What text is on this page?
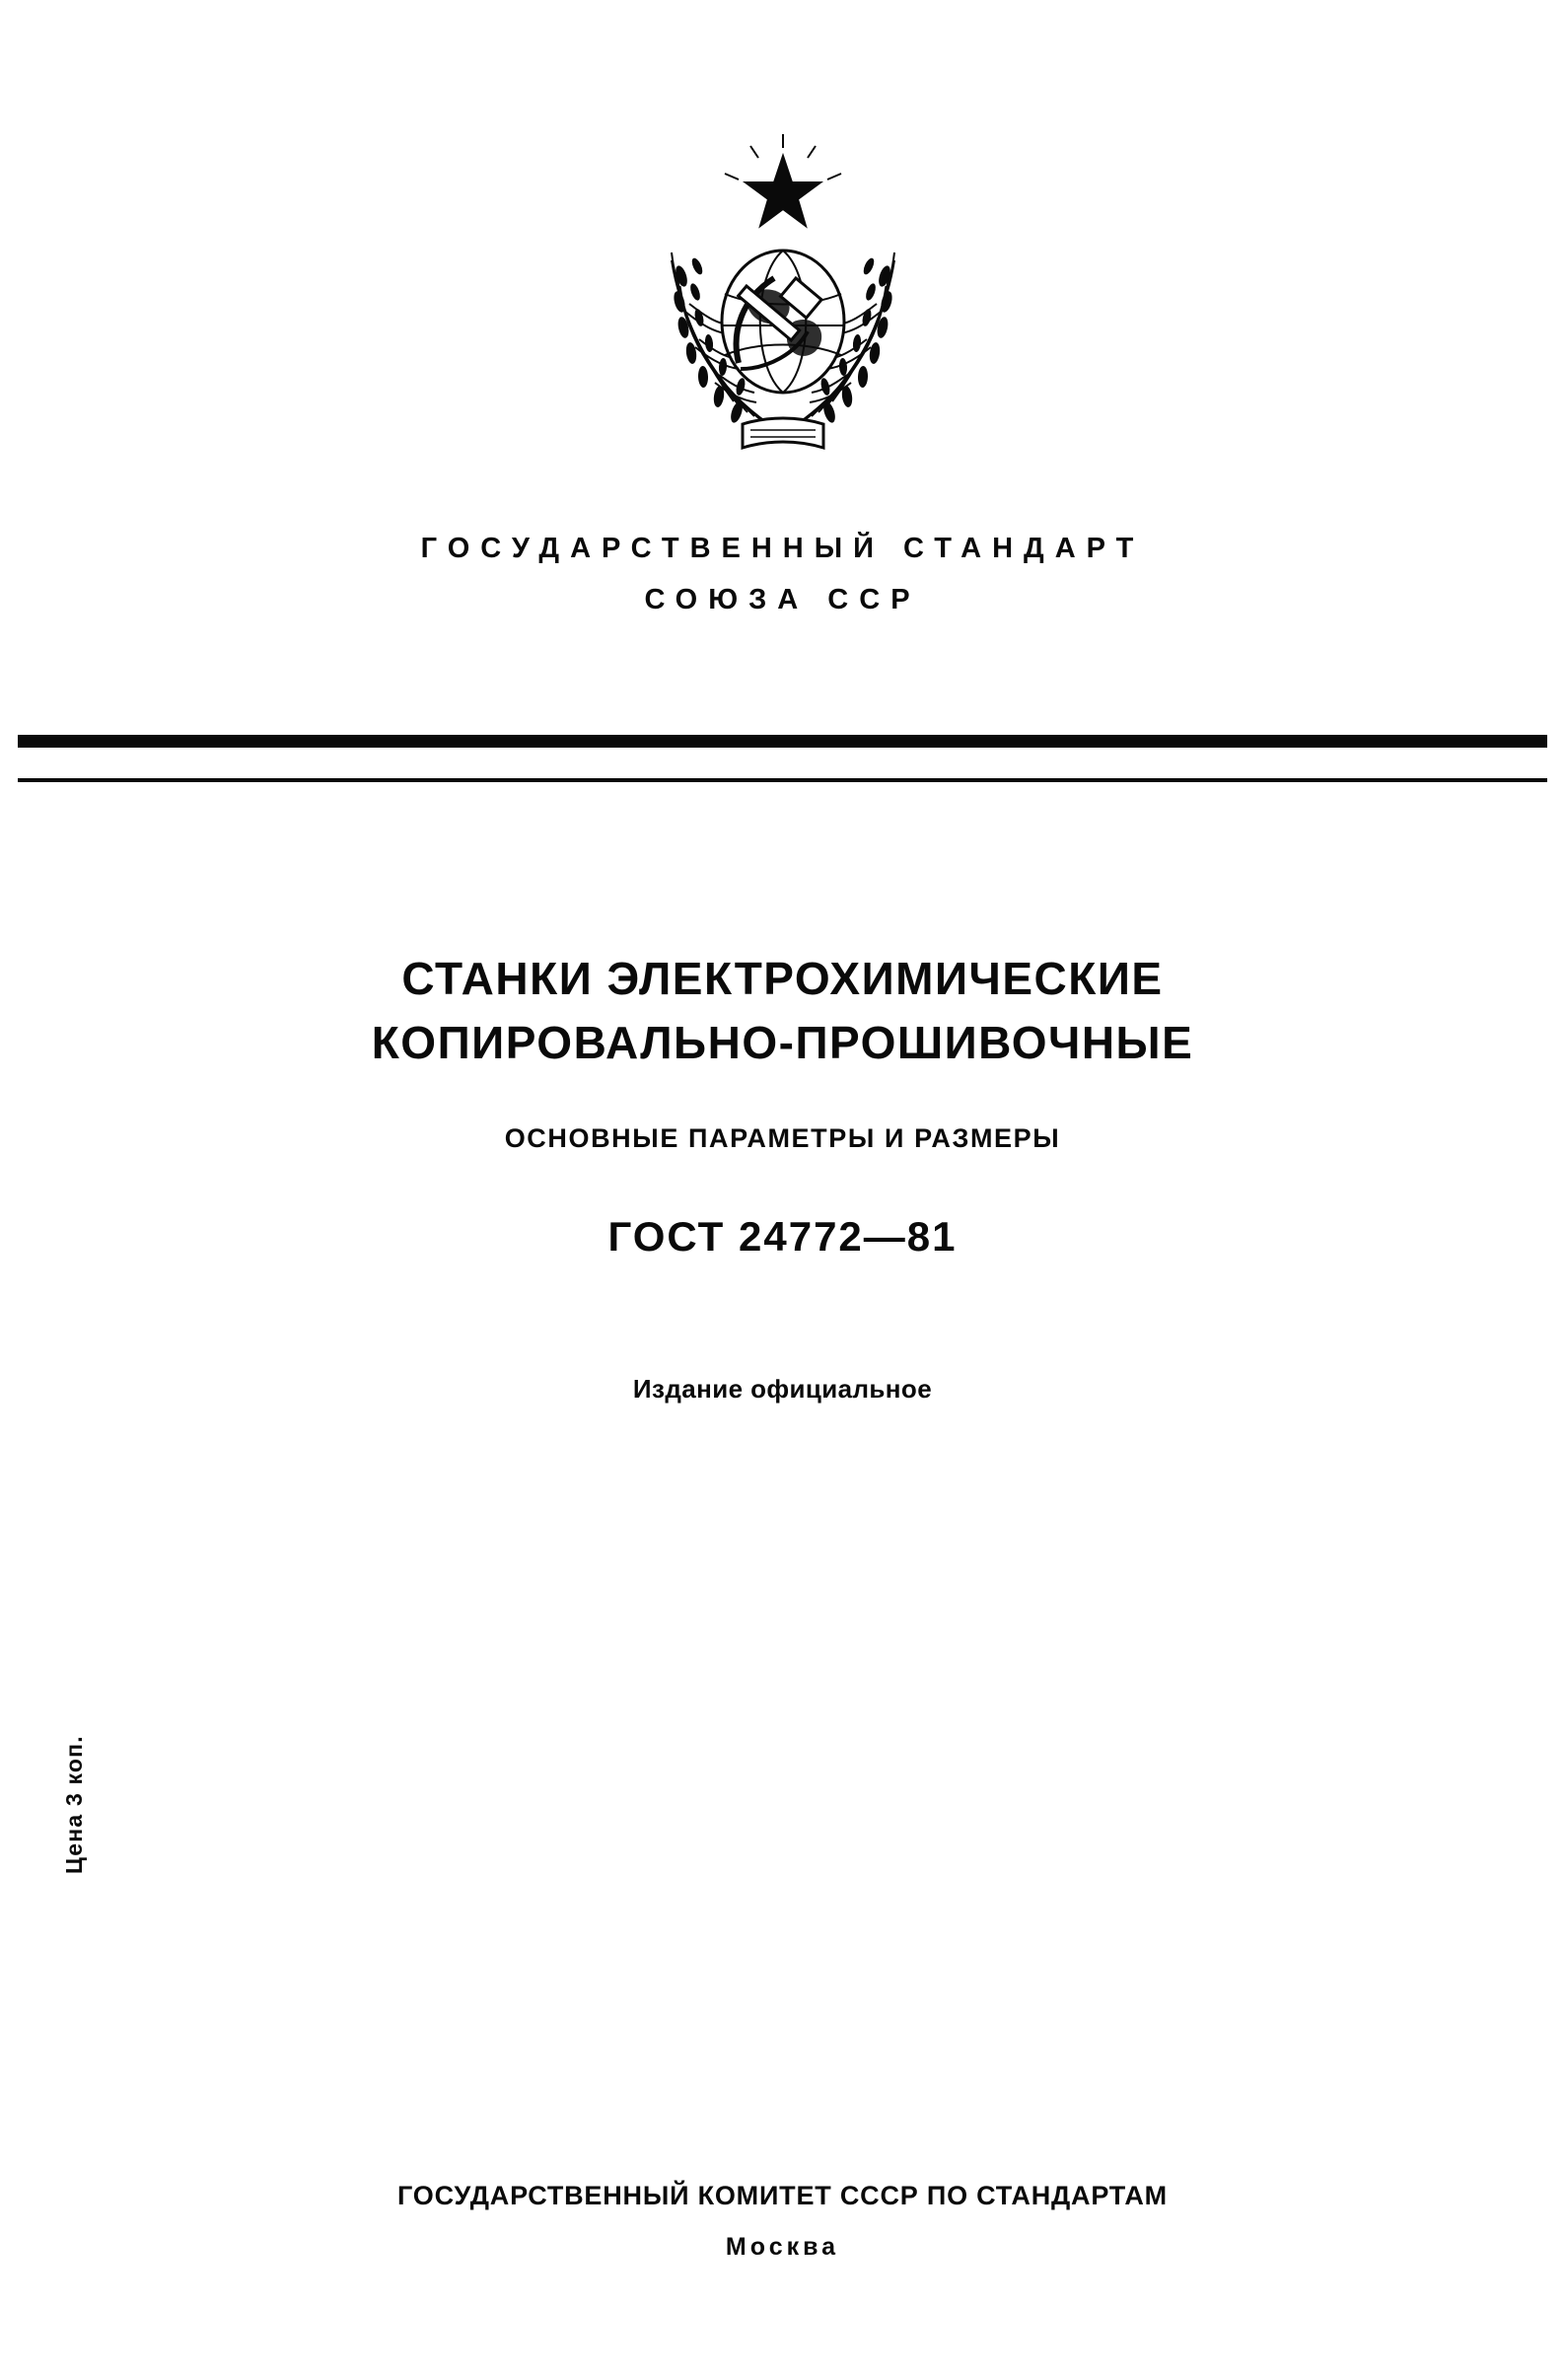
ГОСУДАРСТВЕННЫЙ СТАНДАРТ
СОЮЗА ССР
СТАНКИ ЭЛЕКТРОХИМИЧЕСКИЕ
КОПИРОВАЛЬНО-ПРОШИВОЧНЫЕ
ОСНОВНЫЕ ПАРАМЕТРЫ И РАЗМЕРЫ
ГОСТ 24772—81
Издание официальное
Цена 3 коп.
ГОСУДАРСТВЕННЫЙ КОМИТЕТ СССР ПО СТАНДАРТАМ
Москва
